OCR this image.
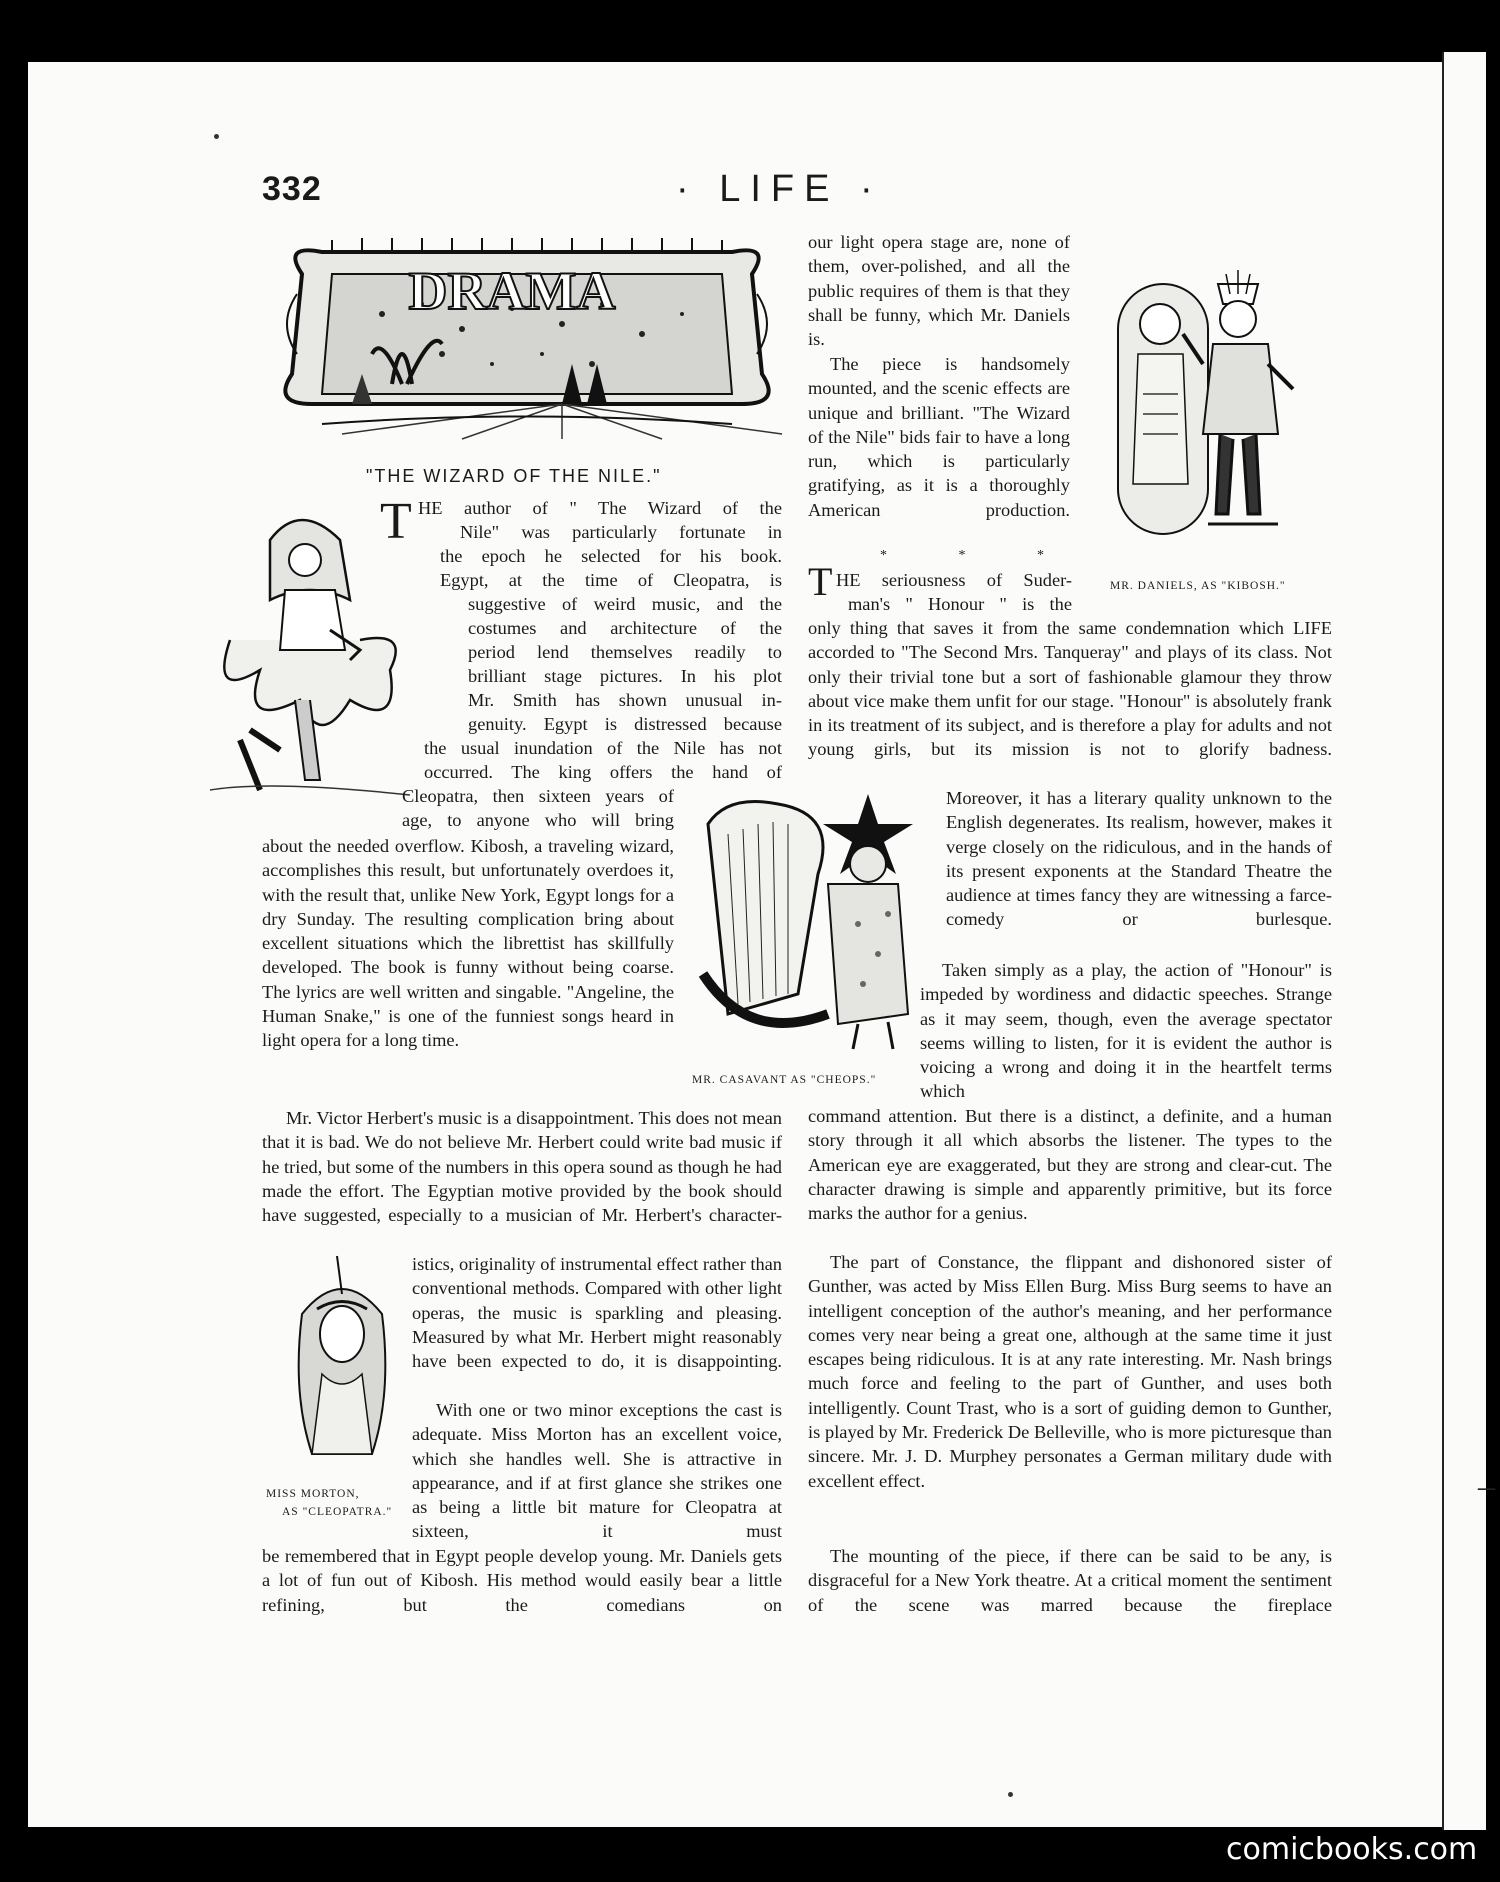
‒
332	· LIFE ·
DRAMA
"THE WIZARD OF THE NILE."
MR. DANIELS, AS "KIBOSH."
T HE author of " The Wizard of the
Nile" was particularly fortunate in
the epoch he selected for his book.
Egypt, at the time of Cleopatra, is
suggestive of weird music, and the
costumes and architecture of the
period lend themselves readily to
brilliant stage pictures. In his plot
Mr. Smith has shown unusual in-
genuity. Egypt is distressed because
the usual inundation of the Nile has not
occurred. The king offers the hand of
Cleopatra, then sixteen years of
age, to anyone who will bring
about the needed overflow. Kibosh, a traveling wizard, accomplishes this result, but unfortunately overdoes it, with the result that, unlike New York, Egypt longs for a dry Sunday. The resulting complication bring about excellent situations which the librettist has skillfully developed. The book is funny without being coarse. The lyrics are well written and singable. "Angeline, the Human Snake," is one of the funniest songs heard in light opera for a long time.
Mr. Victor Herbert's music is a disappointment. This does not mean that it is bad. We do not believe Mr. Herbert could write bad music if he tried, but some of the numbers in this opera sound as though he had made the effort. The Egyptian motive provided by the book should have suggested, especially to a musician of Mr. Herbert's character-
MISS MORTON,
AS "CLEOPATRA."
istics, originality of instrumental effect rather than conventional methods. Compared with other light operas, the music is sparkling and pleasing. Measured by what Mr. Herbert might reasonably have been expected to do, it is disappointing.
With one or two minor exceptions the cast is adequate. Miss Morton has an excellent voice, which she handles well. She is attractive in appearance, and if at first glance she strikes one as being a little bit mature for Cleopatra at sixteen, it must
be remembered that in Egypt people develop young. Mr. Daniels gets a lot of fun out of Kibosh. His method would easily bear a little refining, but the comedians on
our light opera stage are, none of them, over-polished, and all the public requires of them is that they shall be funny, which Mr. Daniels is.
The piece is handsomely mounted, and the scenic effects are unique and brilliant. "The Wizard of the Nile" bids fair to have a long run, which is particularly gratifying, as it is a thoroughly American production.
* * *
T HE seriousness of Suder-
man's " Honour " is the
only thing that saves it from the same condemnation which LIFE accorded to "The Second Mrs. Tanqueray" and plays of its class. Not only their trivial tone but a sort of fashionable glamour they throw about vice make them unfit for our stage. "Honour" is absolutely frank in its treatment of its subject, and is therefore a play for adults and not young girls, but its mission is not to glorify badness.
MR. CASAVANT AS "CHEOPS."
Moreover, it has a literary quality unknown to the English degenerates. Its realism, however, makes it verge closely on the ridiculous, and in the hands of its present exponents at the Standard Theatre the audience at times fancy they are witnessing a farce-comedy or burlesque.
Taken simply as a play, the action of "Honour" is impeded by wordiness and didactic speeches. Strange as it may seem, though, even the average spectator seems willing to listen, for it is evident the author is voicing a wrong and doing it in the heartfelt terms which
command attention. But there is a distinct, a definite, and a human story through it all which absorbs the listener. The types to the American eye are exaggerated, but they are strong and clear-cut. The character drawing is simple and apparently primitive, but its force marks the author for a genius.
The part of Constance, the flippant and dishonored sister of Gunther, was acted by Miss Ellen Burg. Miss Burg seems to have an intelligent conception of the author's meaning, and her performance comes very near being a great one, although at the same time it just escapes being ridiculous. It is at any rate interesting. Mr. Nash brings much force and feeling to the part of Gunther, and uses both intelligently. Count Trast, who is a sort of guiding demon to Gunther, is played by Mr. Frederick De Belleville, who is more picturesque than sincere. Mr. J. D. Murphey personates a German military dude with excellent effect.
The mounting of the piece, if there can be said to be any, is disgraceful for a New York theatre. At a critical moment the sentiment of the scene was marred because the fireplace
comicbooks.com
